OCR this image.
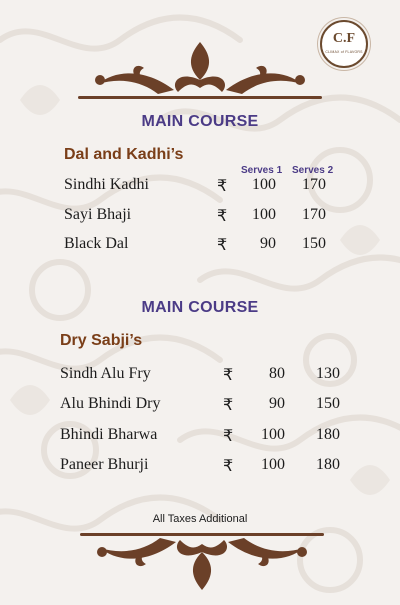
C.F
CLIMAX of FLAVORS
MAIN COURSE
Dal and Kadhi’s
Serves 1 Serves 2
Sindhi Kadhi	₹	100	170
Sayi Bhaji	₹	100	170
Black Dal	₹	90	150
MAIN COURSE
Dry Sabji’s
Sindh Alu Fry	₹	80	130
Alu Bhindi Dry	₹	90	150
Bhindi Bharwa	₹	100	180
Paneer Bhurji	₹	100	180
All Taxes Additional
